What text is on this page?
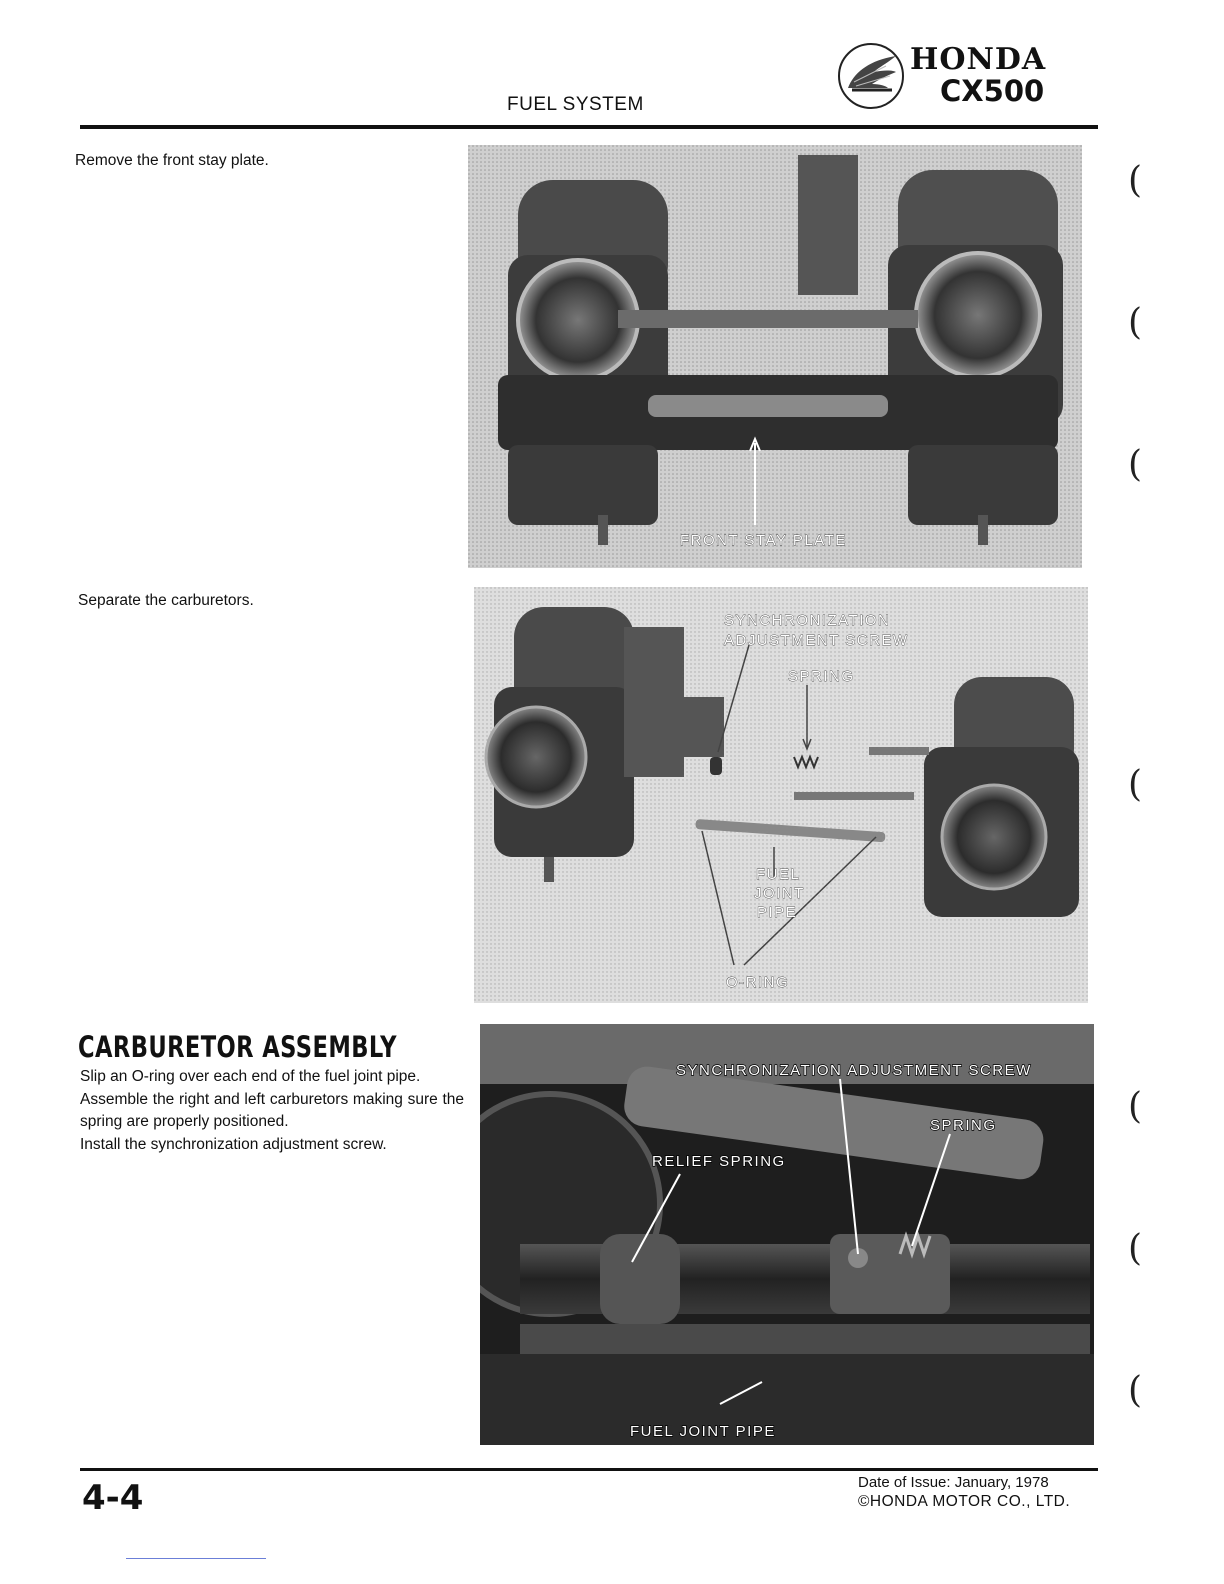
FUEL SYSTEM
HONDA
CX500
Remove the front stay plate.
Separate the carburetors.
CARBURETOR ASSEMBLY

Slip an O-ring over each end of the fuel joint pipe.

Assemble the right and left carburetors making sure the spring are properly positioned.

Install the synchronization adjustment screw.

FRONT STAY PLATE
SYNCHRONIZATION
ADJUSTMENT SCREW
SPRING
FUEL
JOINT
PIPE
O-RING
SYNCHRONIZATION ADJUSTMENT SCREW
SPRING
RELIEF SPRING
FUEL JOINT PIPE
(
(
(
(
(
(
(
4-4	Date of Issue: January, 1978
©HONDA MOTOR CO., LTD.
